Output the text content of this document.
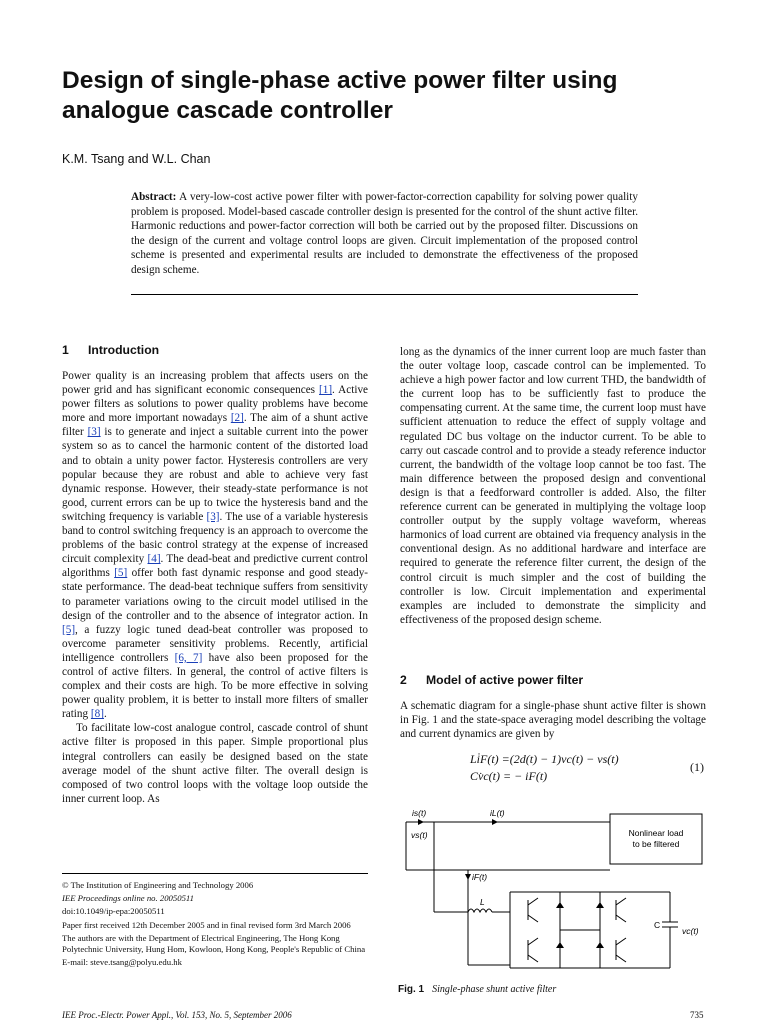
Design of single-phase active power filter using analogue cascade controller
K.M. Tsang and W.L. Chan

Abstract: A very-low-cost active power filter with power-factor-correction capability for solving power quality problem is proposed. Model-based cascade controller design is presented for the control of the shunt active filter. Harmonic reductions and power-factor correction will both be carried out by the proposed filter. Discussions on the design of the current and voltage control loops are given. Circuit implementation of the proposed control scheme is presented and experimental results are included to demonstrate the effectiveness of the proposed design scheme.

1 Introduction

Power quality is an increasing problem that affects users on the power grid and has significant economic consequences [1]. Active power filters as solutions to power quality problems have become more and more important nowadays [2]. The aim of a shunt active filter [3] is to generate and inject a suitable current into the power system so as to cancel the harmonic content of the distorted load and to obtain a unity power factor. Hysteresis controllers are very popular because they are robust and able to achieve very fast dynamic response. However, their steady-state performance is not good, current errors can be up to twice the hysteresis band and the switching frequency is variable [3]. The use of a variable hysteresis band to control switching frequency is an approach to overcome the problems of the basic control strategy at the expense of increased circuit complexity [4]. The dead-beat and predictive current control algorithms [5] offer both fast dynamic response and good steady-state performance. The dead-beat technique suffers from sensitivity to parameter variations owing to the circuit model utilised in the design of the controller and to the absence of integrator action. In [5], a fuzzy logic tuned dead-beat controller was proposed to overcome parameter sensitivity problems. Recently, artificial intelligence controllers [6, 7] have also been proposed for the control of active filters. In general, the control of active filters is complex and their costs are high. To be more effective in solving power quality problem, it is better to install more filters of smaller rating [8].

To facilitate low-cost analogue control, cascade control of shunt active filter is proposed in this paper. Simple proportional plus integral controllers can easily be designed based on the state average model of the shunt active filter. The overall design is composed of two control loops with the voltage loop outside the inner current loop. As

© The Institution of Engineering and Technology 2006

IEE Proceedings online no. 20050511

doi:10.1049/ip-epa:20050511

Paper first received 12th December 2005 and in final revised form 3rd March 2006

The authors are with the Department of Electrical Engineering, The Hong Kong Polytechnic University, Hung Hom, Kowloon, Hong Kong, People's Republic of China

E-mail: steve.tsang@polyu.edu.hk

long as the dynamics of the inner current loop are much faster than the outer voltage loop, cascade control can be implemented. To achieve a high power factor and low current THD, the bandwidth of the current loop has to be sufficiently fast to produce the compensating current. At the same time, the current loop must have sufficient attenuation to reduce the effect of supply voltage and regulated DC bus voltage on the inductor current. To be able to carry out cascade control and to provide a steady reference inductor current, the bandwidth of the voltage loop cannot be too fast. The main difference between the proposed design and conventional design is that a feedforward controller is added. Also, the filter reference current can be generated in multiplying the voltage loop controller output by the supply voltage waveform, whereas harmonics of load current are obtained via frequency analysis in the conventional design. As no additional hardware and interface are required to generate the reference filter current, the design of the control circuit is much simpler and the cost of building the controller is low. Circuit implementation and experimental examples are included to demonstrate the simplicity and effectiveness of the proposed design scheme.

2 Model of active power filter

A schematic diagram for a single-phase shunt active filter is shown in Fig. 1 and the state-space averaging model describing the voltage and current dynamics are given by

Li̇F(t) =(2d(t) − 1)vc(t) − vs(t)
Cv̇c(t) = − iF(t)
(1)
is(t)	iL(t)
vs(t)
iF(t)
L
C
vc(t)
Nonlinear load
to be filtered
Fig. 1 Single-phase shunt active filter
IEE Proc.-Electr. Power Appl., Vol. 153, No. 5, September 2006	735
